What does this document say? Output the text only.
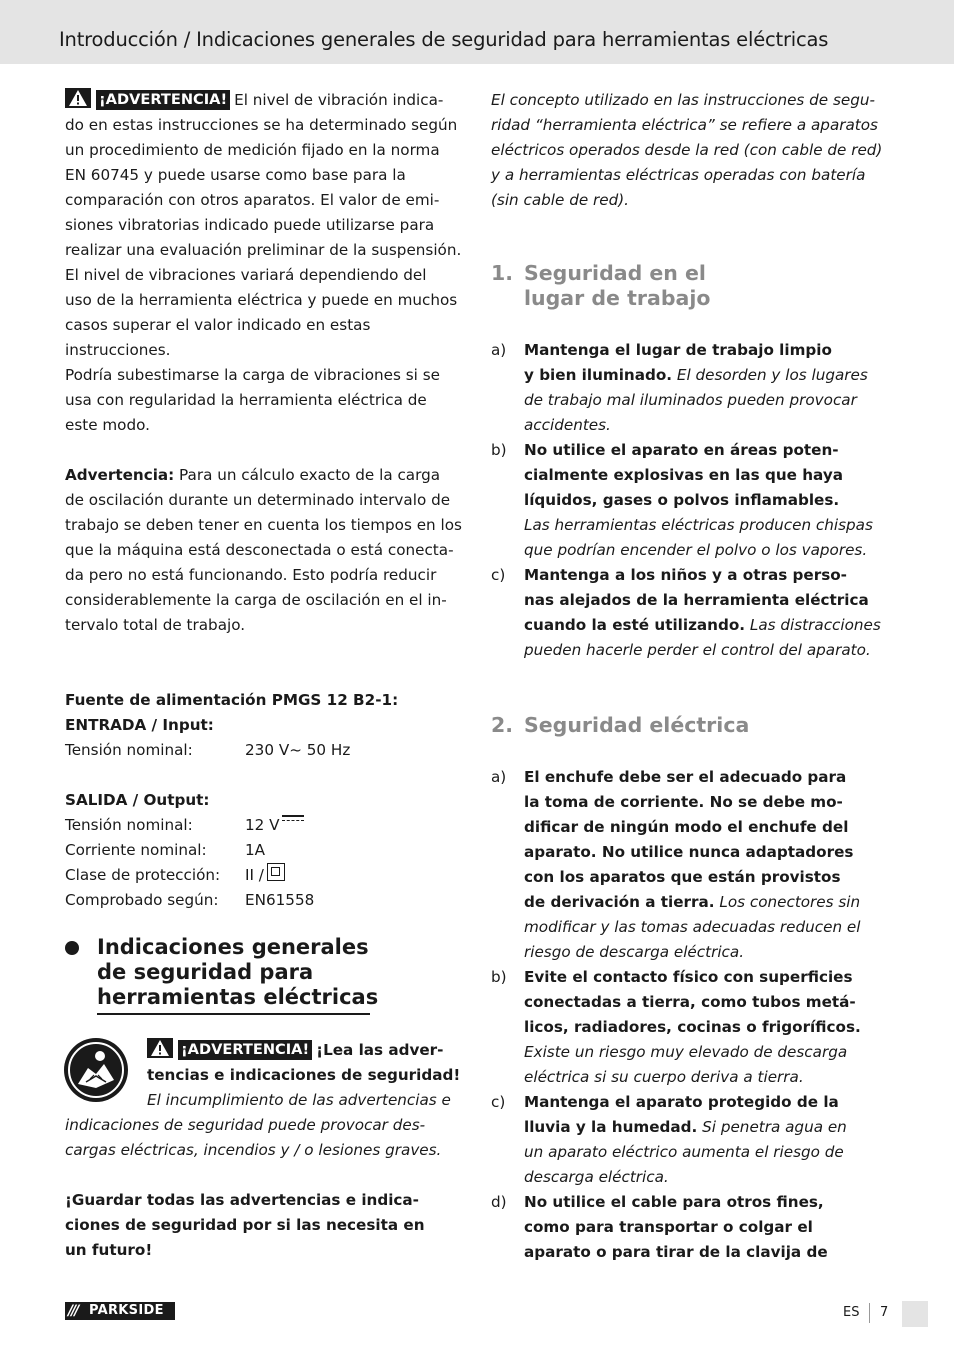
Introducción / Indicaciones generales de seguridad para herramientas eléctricas

¡ADVERTENCIA! El nivel de vibración indica-

do en estas instrucciones se ha determinado según

un procedimiento de medición fijado en la norma

EN 60745 y puede usarse como base para la

comparación con otros aparatos. El valor de emi-

siones vibratorias indicado puede utilizarse para

realizar una evaluación preliminar de la suspensión.

El nivel de vibraciones variará dependiendo del

uso de la herramienta eléctrica y puede en muchos

casos superar el valor indicado en estas instrucciones.

Podría subestimarse la carga de vibraciones si se

usa con regularidad la herramienta eléctrica de

este modo.

Advertencia: Para un cálculo exacto de la carga

de oscilación durante un determinado intervalo de

trabajo se deben tener en cuenta los tiempos en los

que la máquina está desconectada o está conecta-

da pero no está funcionando. Esto podría reducir

considerablemente la carga de oscilación en el in-

tervalo total de trabajo.

Fuente de alimentación PMGS 12 B2-1:

ENTRADA / Input:

Tensión nominal:	230 V~ 50 Hz

SALIDA / Output:

Tensión nominal:	12 V
Corriente nominal:	1A
Clase de protección:	II /
Comprobado según:	EN61558
Indicaciones generales
de seguridad para
herramientas eléctricas

¡ADVERTENCIA! ¡Lea las adver-

tencias e indicaciones de seguridad!

El incumplimiento de las advertencias e

indicaciones de seguridad puede provocar des-

cargas eléctricas, incendios y / o lesiones graves.

¡Guardar todas las advertencias e indica-

ciones de seguridad por si las necesita en

un futuro!

El concepto utilizado en las instrucciones de segu-

ridad “herramienta eléctrica” se refiere a aparatos

eléctricos operados desde la red (con cable de red)

y a herramientas eléctricas operadas con batería

(sin cable de red).

1. Seguridad en el
lugar de trabajo
a)	Mantenga el lugar de trabajo limpio

y bien iluminado. El desorden y los lugares

de trabajo mal iluminados pueden provocar

accidentes.

b)	No utilice el aparato en áreas poten-

cialmente explosivas en las que haya

líquidos, gases o polvos inflamables.

Las herramientas eléctricas producen chispas

que podrían encender el polvo o los vapores.

c)	Mantenga a los niños y a otras perso-

nas alejados de la herramienta eléctrica

cuando la esté utilizando. Las distracciones

pueden hacerle perder el control del aparato.

2. Seguridad eléctrica
a)	El enchufe debe ser el adecuado para

la toma de corriente. No se debe mo-

dificar de ningún modo el enchufe del

aparato. No utilice nunca adaptadores

con los aparatos que están provistos

de derivación a tierra. Los conectores sin

modificar y las tomas adecuadas reducen el

riesgo de descarga eléctrica.

b)	Evite el contacto físico con superficies

conectadas a tierra, como tubos metá-

licos, radiadores, cocinas o frigoríficos.

Existe un riesgo muy elevado de descarga

eléctrica si su cuerpo deriva a tierra.

c)	Mantenga el aparato protegido de la

lluvia y la humedad. Si penetra agua en

un aparato eléctrico aumenta el riesgo de

descarga eléctrica.

d)	No utilice el cable para otros fines,

como para transportar o colgar el

aparato o para tirar de la clavija de

/// PARKSIDE	ES 7
